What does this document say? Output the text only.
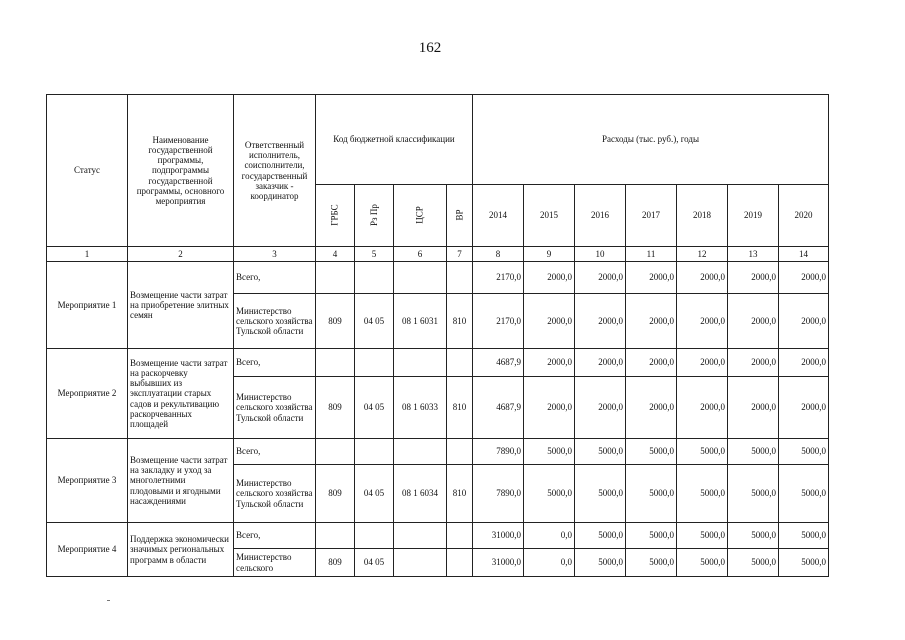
162
Статус	Наименование государственной программы, подпрограммы государственной программы, основного мероприятия	Ответственный исполнитель, соисполнители, государственный заказчик - координатор	Код бюджетной классификации				Расходы (тыс. руб.), годы						
			ГРБС	Рз Пр	ЦСР	ВР	2014	2015	2016	2017	2018	2019	2020
1	2	3	4	5	6	7	8	9	10	11	12	13	14
Мероприятие 1	Возмещение части затрат на приобретение элитных семян	Всего,					2170,0	2000,0	2000,0	2000,0	2000,0	2000,0	2000,0
		Министерство сельского хозяйства Тульской области	809	04 05	08 1 6031	810	2170,0	2000,0	2000,0	2000,0	2000,0	2000,0	2000,0
Мероприятие 2	Возмещение части затрат на раскорчевку выбывших из эксплуатации старых садов и рекультивацию раскорчеванных площадей	Всего,					4687,9	2000,0	2000,0	2000,0	2000,0	2000,0	2000,0
		Министерство сельского хозяйства Тульской области	809	04 05	08 1 6033	810	4687,9	2000,0	2000,0	2000,0	2000,0	2000,0	2000,0
Мероприятие 3	Возмещение части затрат на закладку и уход за многолетними плодовыми и ягодными насаждениями	Всего,					7890,0	5000,0	5000,0	5000,0	5000,0	5000,0	5000,0
		Министерство сельского хозяйства Тульской области	809	04 05	08 1 6034	810	7890,0	5000,0	5000,0	5000,0	5000,0	5000,0	5000,0
Мероприятие 4	Поддержка экономически значимых региональных программ в области	Всего,					31000,0	0,0	5000,0	5000,0	5000,0	5000,0	5000,0
		Министерство сельского	809	04 05			31000,0	0,0	5000,0	5000,0	5000,0	5000,0	5000,0
